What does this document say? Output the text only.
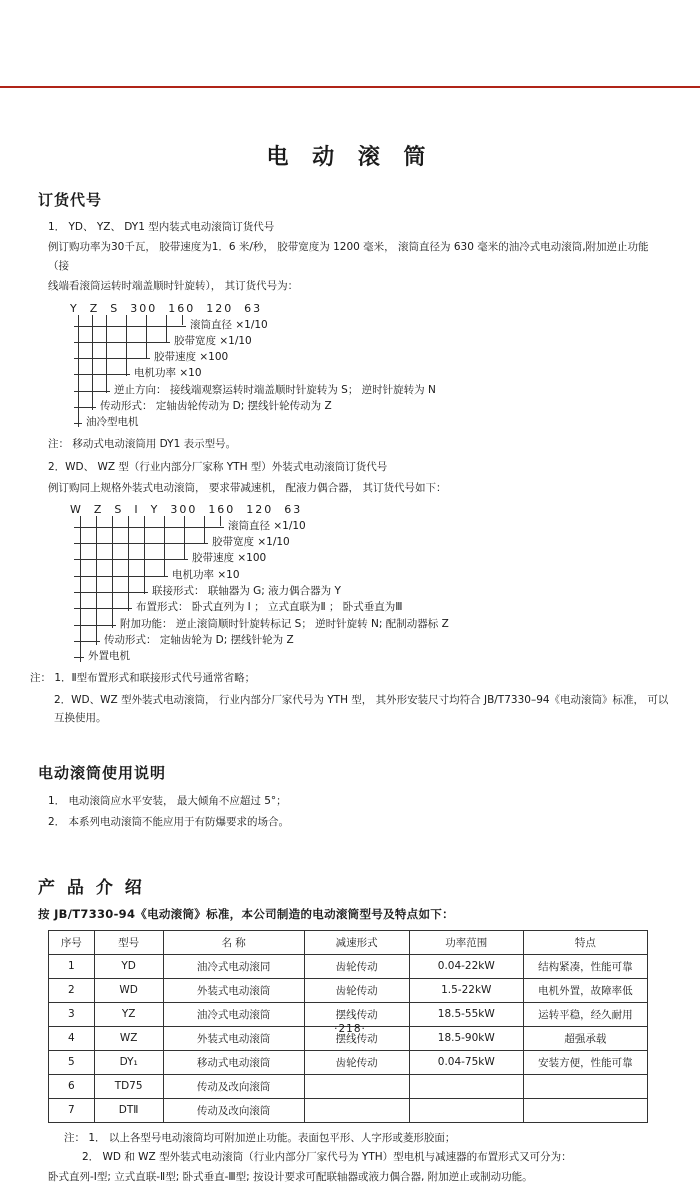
电 动 滚 筒
订货代号
1． YD、 YZ、 DY1 型内装式电动滚筒订货代号
例订购功率为30千瓦， 胶带速度为1．6 米/秒， 胶带宽度为 1200 毫米， 滚筒直径为 630 毫米的油冷式电动滚筒,附加逆止功能 （接
线端看滚筒运转时端盖顺时针旋转）， 其订货代号为：
Y  Z  S  300  160  120  63
滚筒直径 ×1/10
胶带宽度 ×1/10
胶带速度 ×100
电机功率 ×10
逆止方向： 接线端观察运转时端盖顺时针旋转为 S； 逆时针旋转为 N
传动形式： 定轴齿轮传动为 D; 摆线针轮传动为 Z
油冷型电机
注： 移动式电动滚筒用 DY1 表示型号。
2．WD、 WZ 型（行业内部分厂家称 YTH 型）外装式电动滚筒订货代号
例订购同上规格外装式电动滚筒， 要求带减速机， 配液力偶合器， 其订货代号如下：
W  Z  S  I  Y  300  160  120  63
滚筒直径 ×1/10
胶带宽度 ×1/10
胶带速度 ×100
电机功率 ×10
联接形式： 联轴器为 G; 液力偶合器为 Y
布置形式： 卧式直列为 I ； 立式直联为Ⅱ ； 卧式垂直为Ⅲ
附加功能： 逆止滚筒顺时针旋转标记 S； 逆时针旋转 N; 配制动器标 Z
传动形式： 定轴齿轮为 D; 摆线针轮为 Z
外置电机
注： 1．Ⅱ型布置形式和联接形式代号通常省略；
2．WD、WZ 型外装式电动滚筒， 行业内部分厂家代号为 YTH 型， 其外形安装尺寸均符合 JB/T7330–94《电动滚筒》标准， 可以互换使用。
电动滚筒使用说明
1． 电动滚筒应水平安装， 最大倾角不应超过 5°；
2． 本系列电动滚筒不能应用于有防爆要求的场合。
产 品 介 绍
按 JB/T7330-94《电动滚筒》标准，本公司制造的电动滚筒型号及特点如下：
序号	型号	名 称	减速形式	功率范围	特点
1	YD	油冷式电动滚同	齿轮传动	0.04-22kW	结构紧凑，性能可靠
2	WD	外装式电动滚筒	齿轮传动	1.5-22kW	电机外置，故障率低
3	YZ	油冷式电动滚筒	摆线传动	18.5-55kW	运转平稳，经久耐用
4	WZ	外装式电动滚筒	摆线传动	18.5-90kW	超强承载
5	DY₁	移动式电动滚筒	齿轮传动	0.04-75kW	安装方便，性能可靠
6	TD75	传动及改向滚筒			
7	DTⅡ	传动及改向滚筒			
注： 1． 以上各型号电动滚筒均可附加逆止功能。表面包平形、人字形或菱形胶面；
2． WD 和 WZ 型外装式电动滚筒（行业内部分厂家代号为 YTH）型电机与减速器的布置形式又可分为：
卧式直列-Ⅰ型; 立式直联-Ⅱ型; 卧式垂直-Ⅲ型; 按设计要求可配联轴器或液力偶合器, 附加逆止或制动功能。
·218·
